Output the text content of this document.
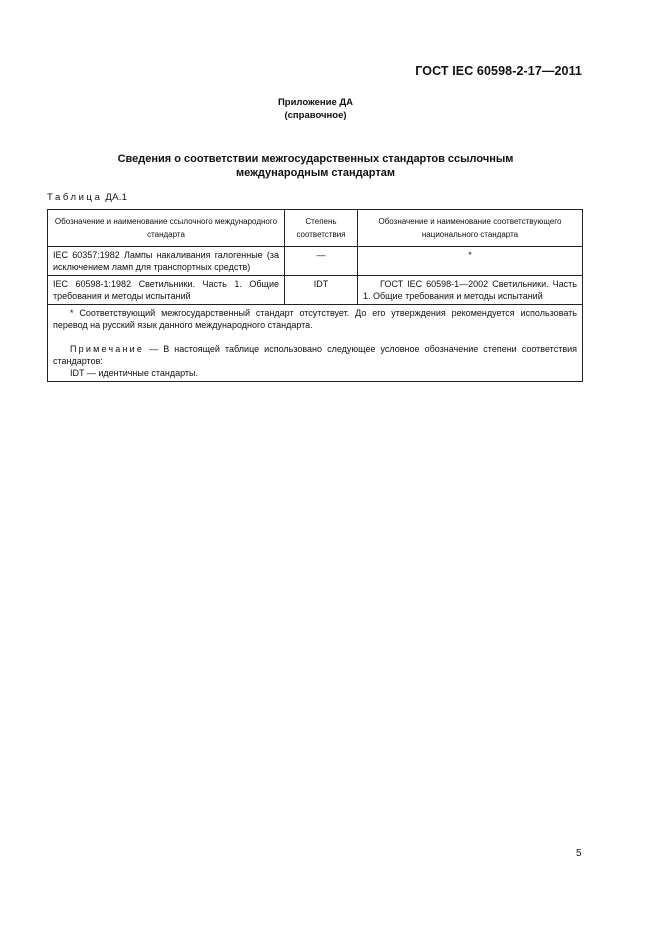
ГОСТ IEC 60598-2-17—2011
Приложение ДА
(справочное)
Сведения о соответствии межгосударственных стандартов ссылочным
международным стандартам
Таблица ДА.1
Обозначение и наименование ссылочного международного стандарта	Степень соответствия	Обозначение и наименование соответствующего национального стандарта
IEC 60357:1982 Лампы накаливания галогенные (за исключением ламп для транспортных средств)	—	*
IEC 60598-1:1982 Светильники. Часть 1. Общие требования и методы испытаний	IDT	ГОСТ IEC 60598-1—2002 Светильники. Часть 1. Общие требования и методы испытаний

* Соответствующий межгосударственный стандарт отсутствует. До его утверждения рекомендуется использовать перевод на русский язык данного международного стандарта.

Примечание — В настоящей таблице использовано следующее условное обозначение степени соответствия стандартов:

IDT — идентичные стандарты.		

5
